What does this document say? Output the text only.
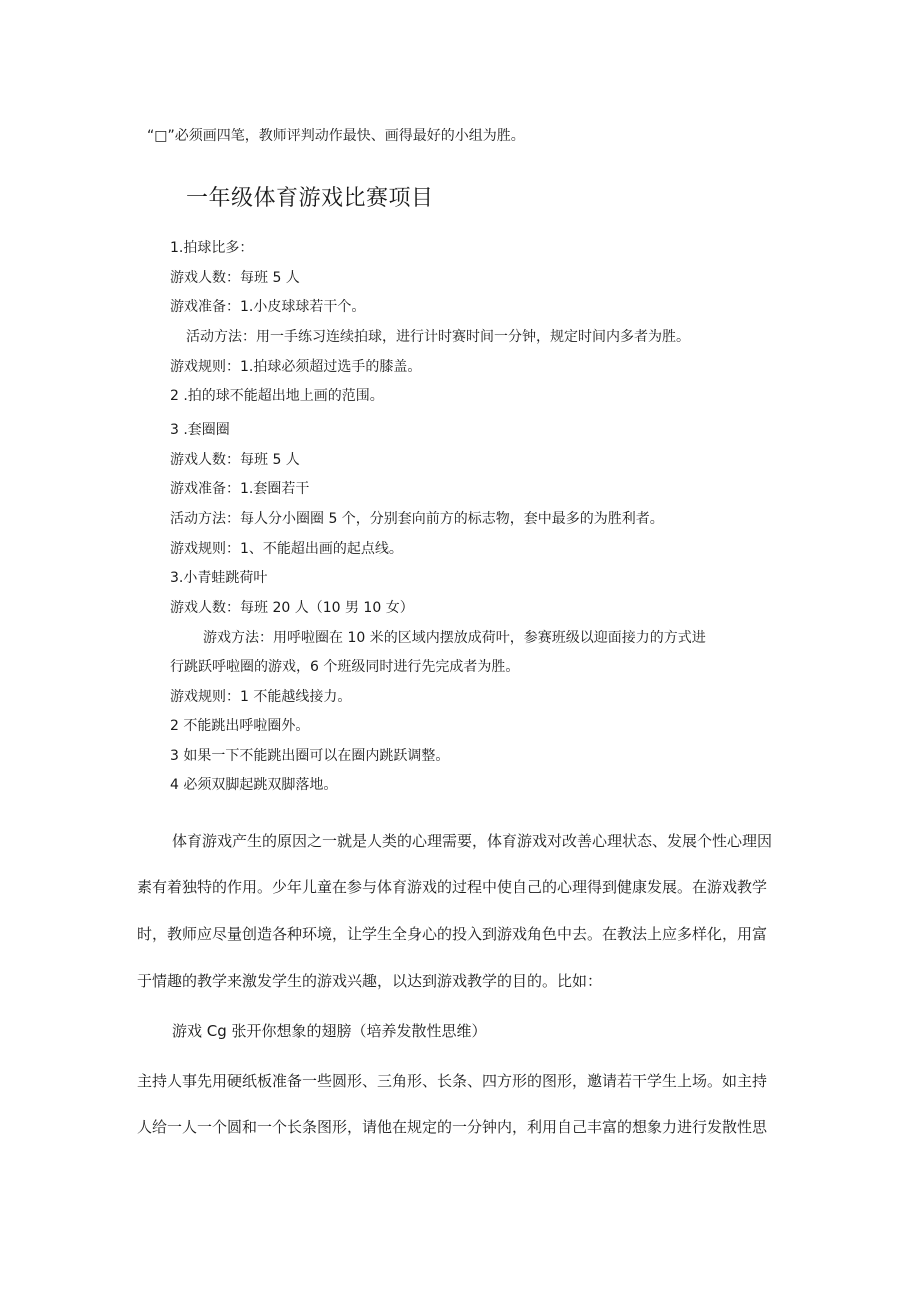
“□”必须画四笔，教师评判动作最快、画得最好的小组为胜。
一年级体育游戏比赛项目
1.拍球比多：
游戏人数：每班 5 人
游戏准备：1.小皮球球若干个。
活动方法：用一手练习连续拍球，进行计时赛时间一分钟，规定时间内多者为胜。
游戏规则：1.拍球必须超过选手的膝盖。
2 .拍的球不能超出地上画的范围。
3 .套圈圈
游戏人数：每班 5 人
游戏准备：1.套圈若干
活动方法：每人分小圈圈 5 个，分别套向前方的标志物，套中最多的为胜利者。
游戏规则：1、不能超出画的起点线。
3.小青蛙跳荷叶
游戏人数：每班 20 人（10 男 10 女）
游戏方法：用呼啦圈在 10 米的区域内摆放成荷叶，参赛班级以迎面接力的方式进
行跳跃呼啦圈的游戏，6 个班级同时进行先完成者为胜。
游戏规则：1 不能越线接力。
2 不能跳出呼啦圈外。
3 如果一下不能跳出圈可以在圈内跳跃调整。
4 必须双脚起跳双脚落地。
体育游戏产生的原因之一就是人类的心理需要，体育游戏对改善心理状态、发展个性心理因
素有着独特的作用。少年儿童在参与体育游戏的过程中使自己的心理得到健康发展。在游戏教学
时，教师应尽量创造各种环境，让学生全身心的投入到游戏角色中去。在教法上应多样化，用富
于情趣的教学来激发学生的游戏兴趣，以达到游戏教学的目的。比如：
游戏 Cg 张开你想象的翅膀（培养发散性思维）
主持人事先用硬纸板准备一些圆形、三角形、长条、四方形的图形，邀请若干学生上场。如主持
人给一人一个圆和一个长条图形，请他在规定的一分钟内，利用自己丰富的想象力进行发散性思
